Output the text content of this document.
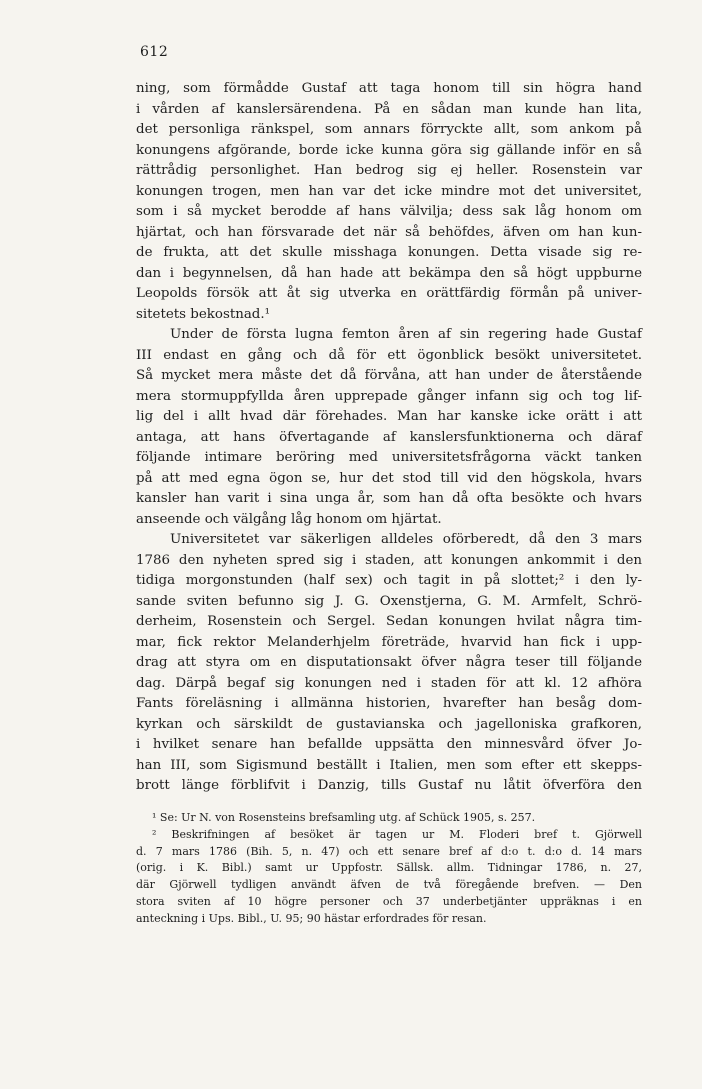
612
ning, som förmådde Gustaf att taga honom till sin högra hand
i vården af kanslersärendena. På en sådan man kunde han lita,
det personliga ränkspel, som annars förryckte allt, som ankom på
konungens afgörande, borde icke kunna göra sig gällande inför en så
rättrådig personlighet. Han bedrog sig ej heller. Rosenstein var
konungen trogen, men han var det icke mindre mot det universitet,
som i så mycket berodde af hans välvilja; dess sak låg honom om
hjärtat, och han försvarade det när så behöfdes, äfven om han kun-
de frukta, att det skulle misshaga konungen. Detta visade sig re-
dan i begynnelsen, då han hade att bekämpa den så högt uppburne
Leopolds försök att åt sig utverka en orättfärdig förmån på univer-
sitetets bekostnad.¹
Under de första lugna femton åren af sin regering hade Gustaf
III endast en gång och då för ett ögonblick besökt universitetet.
Så mycket mera måste det då förvåna, att han under de återstående
mera stormuppfyllda åren upprepade gånger infann sig och tog lif-
lig del i allt hvad där förehades. Man har kanske icke orätt i att
antaga, att hans öfvertagande af kanslersfunktionerna och däraf
följande intimare beröring med universitetsfrågorna väckt tanken
på att med egna ögon se, hur det stod till vid den högskola, hvars
kansler han varit i sina unga år, som han då ofta besökte och hvars
anseende och välgång låg honom om hjärtat.
Universitetet var säkerligen alldeles oförberedt, då den 3 mars
1786 den nyheten spred sig i staden, att konungen ankommit i den
tidiga morgonstunden (half sex) och tagit in på slottet;² i den ly-
sande sviten befunno sig J. G. Oxenstjerna, G. M. Armfelt, Schrö-
derheim, Rosenstein och Sergel. Sedan konungen hvilat några tim-
mar, fick rektor Melanderhjelm företräde, hvarvid han fick i upp-
drag att styra om en disputationsakt öfver några teser till följande
dag. Därpå begaf sig konungen ned i staden för att kl. 12 afhöra
Fants föreläsning i allmänna historien, hvarefter han besåg dom-
kyrkan och särskildt de gustavianska och jagelloniska grafkoren,
i hvilket senare han befallde uppsätta den minnesvård öfver Jo-
han III, som Sigismund beställt i Italien, men som efter ett skepps-
brott länge förblifvit i Danzig, tills Gustaf nu låtit öfverföra den
¹ Se: Ur N. von Rosensteins brefsamling utg. af Schück 1905, s. 257.
² Beskrifningen af besöket är tagen ur M. Floderi bref t. Gjörwell
d. 7 mars 1786 (Bih. 5, n. 47) och ett senare bref af d:o t. d:o d. 14 mars
(orig. i K. Bibl.) samt ur Uppfostr. Sällsk. allm. Tidningar 1786, n. 27,
där Gjörwell tydligen användt äfven de två föregående brefven. — Den
stora sviten af 10 högre personer och 37 underbetjänter uppräknas i en
anteckning i Ups. Bibl., U. 95; 90 hästar erfordrades för resan.
